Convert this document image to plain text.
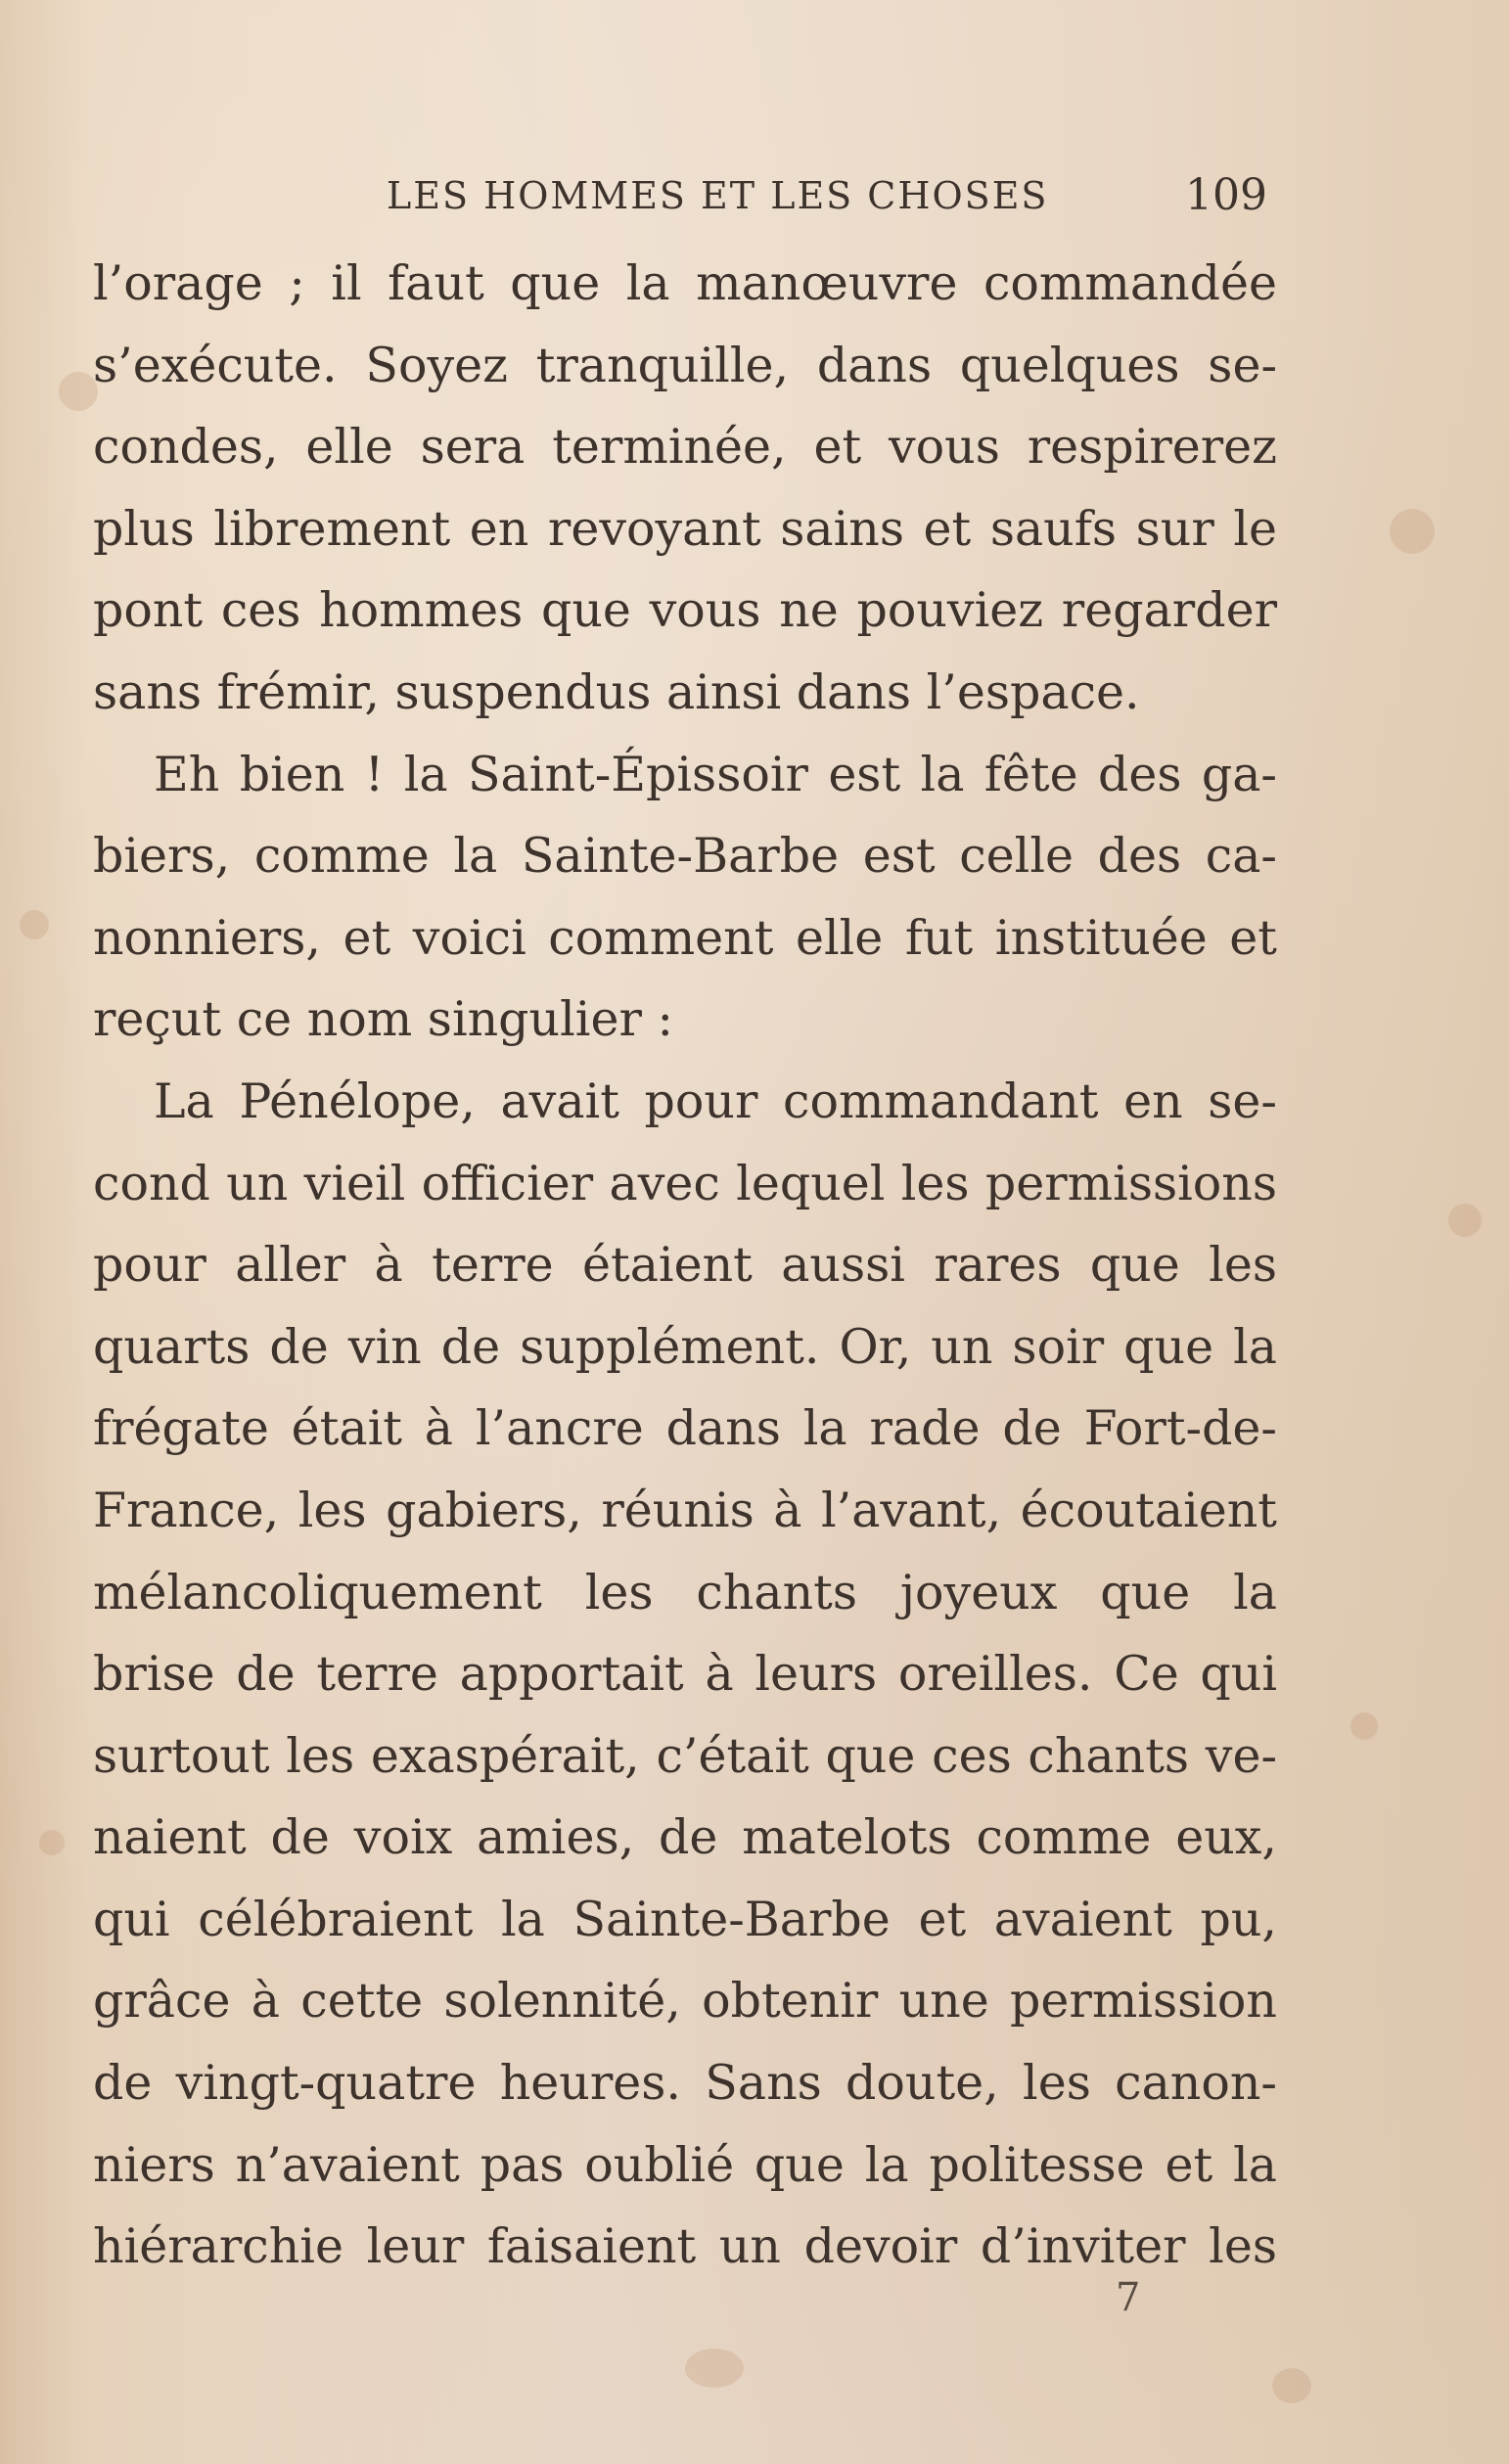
LES HOMMES ET LES CHOSES	109
l’orage ; il faut que la manœuvre commandée
s’exécute. Soyez tranquille, dans quelques se-
condes, elle sera terminée, et vous respirerez
plus librement en revoyant sains et saufs sur le
pont ces hommes que vous ne pouviez regarder
sans frémir, suspendus ainsi dans l’espace.
Eh bien ! la Saint-Épissoir est la fête des ga-
biers, comme la Sainte-Barbe est celle des ca-
nonniers, et voici comment elle fut instituée et
reçut ce nom singulier :
La Pénélope, avait pour commandant en se-
cond un vieil officier avec lequel les permissions
pour aller à terre étaient aussi rares que les
quarts de vin de supplément. Or, un soir que la
frégate était à l’ancre dans la rade de Fort-de-
France, les gabiers, réunis à l’avant, écoutaient
mélancoliquement les chants joyeux que la
brise de terre apportait à leurs oreilles. Ce qui
surtout les exaspérait, c’était que ces chants ve-
naient de voix amies, de matelots comme eux,
qui célébraient la Sainte-Barbe et avaient pu,
grâce à cette solennité, obtenir une permission
de vingt-quatre heures. Sans doute, les canon-
niers n’avaient pas oublié que la politesse et la
hiérarchie leur faisaient un devoir d’inviter les
7
